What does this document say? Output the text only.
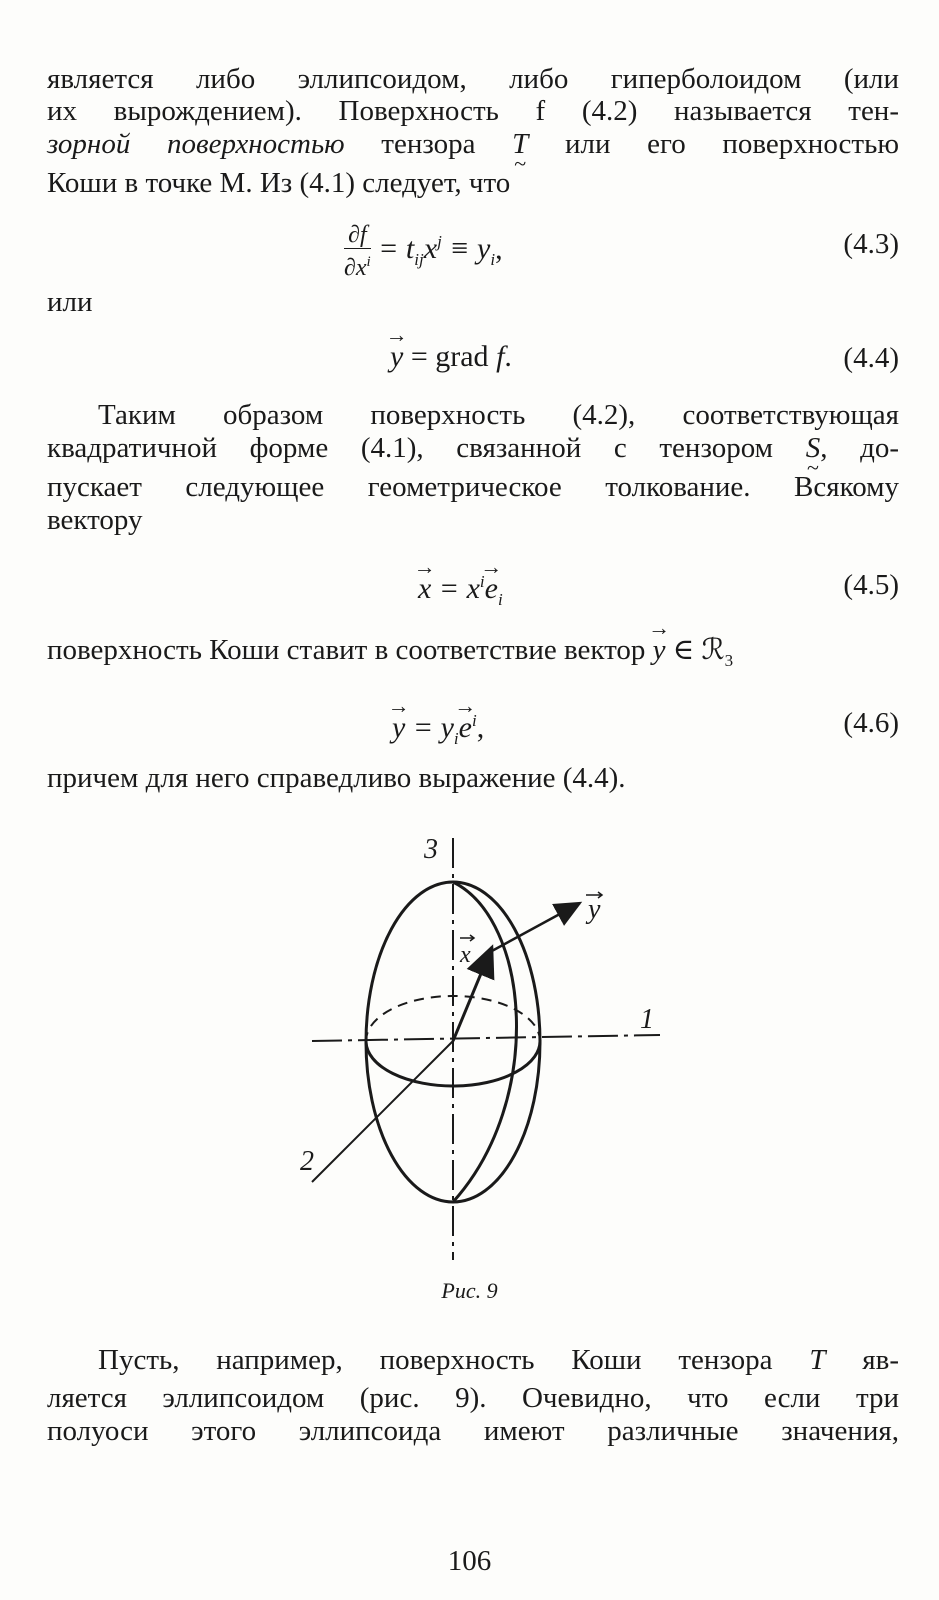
является либо эллипсоидом, либо гиперболоидом (или
их вырождением). Поверхность f (4.2) называется тен-
зорной поверхностью тензора T ~ или его поверхностью
Коши в точке M. Из (4.1) следует, что
$\frac{\partial f}{\partial x^i} = t_{ij}x^j \equiv y_i$,	(4.3)
или
→ y = grad f.	(4.4)
Таким образом поверхность (4.2), соответствующая
квадратичной форме (4.1), связанной с тензором S ~, до-
пускает следующее геометрическое толкование. Всякому
вектору
→ $x = x^i\to e_i$	(4.5)
поверхность Коши ставит в соответствие вектор → y ∈ ℛ$_3$
→ $y = y_i\to e^i$,	(4.6)
причем для него справедливо выражение (4.4).
3
1
2
x
y
Рис. 9
Пусть, например, поверхность Коши тензора T яв-
ляется эллипсоидом (рис. 9). Очевидно, что если три
полуоси этого эллипсоида имеют различные значения,
106
